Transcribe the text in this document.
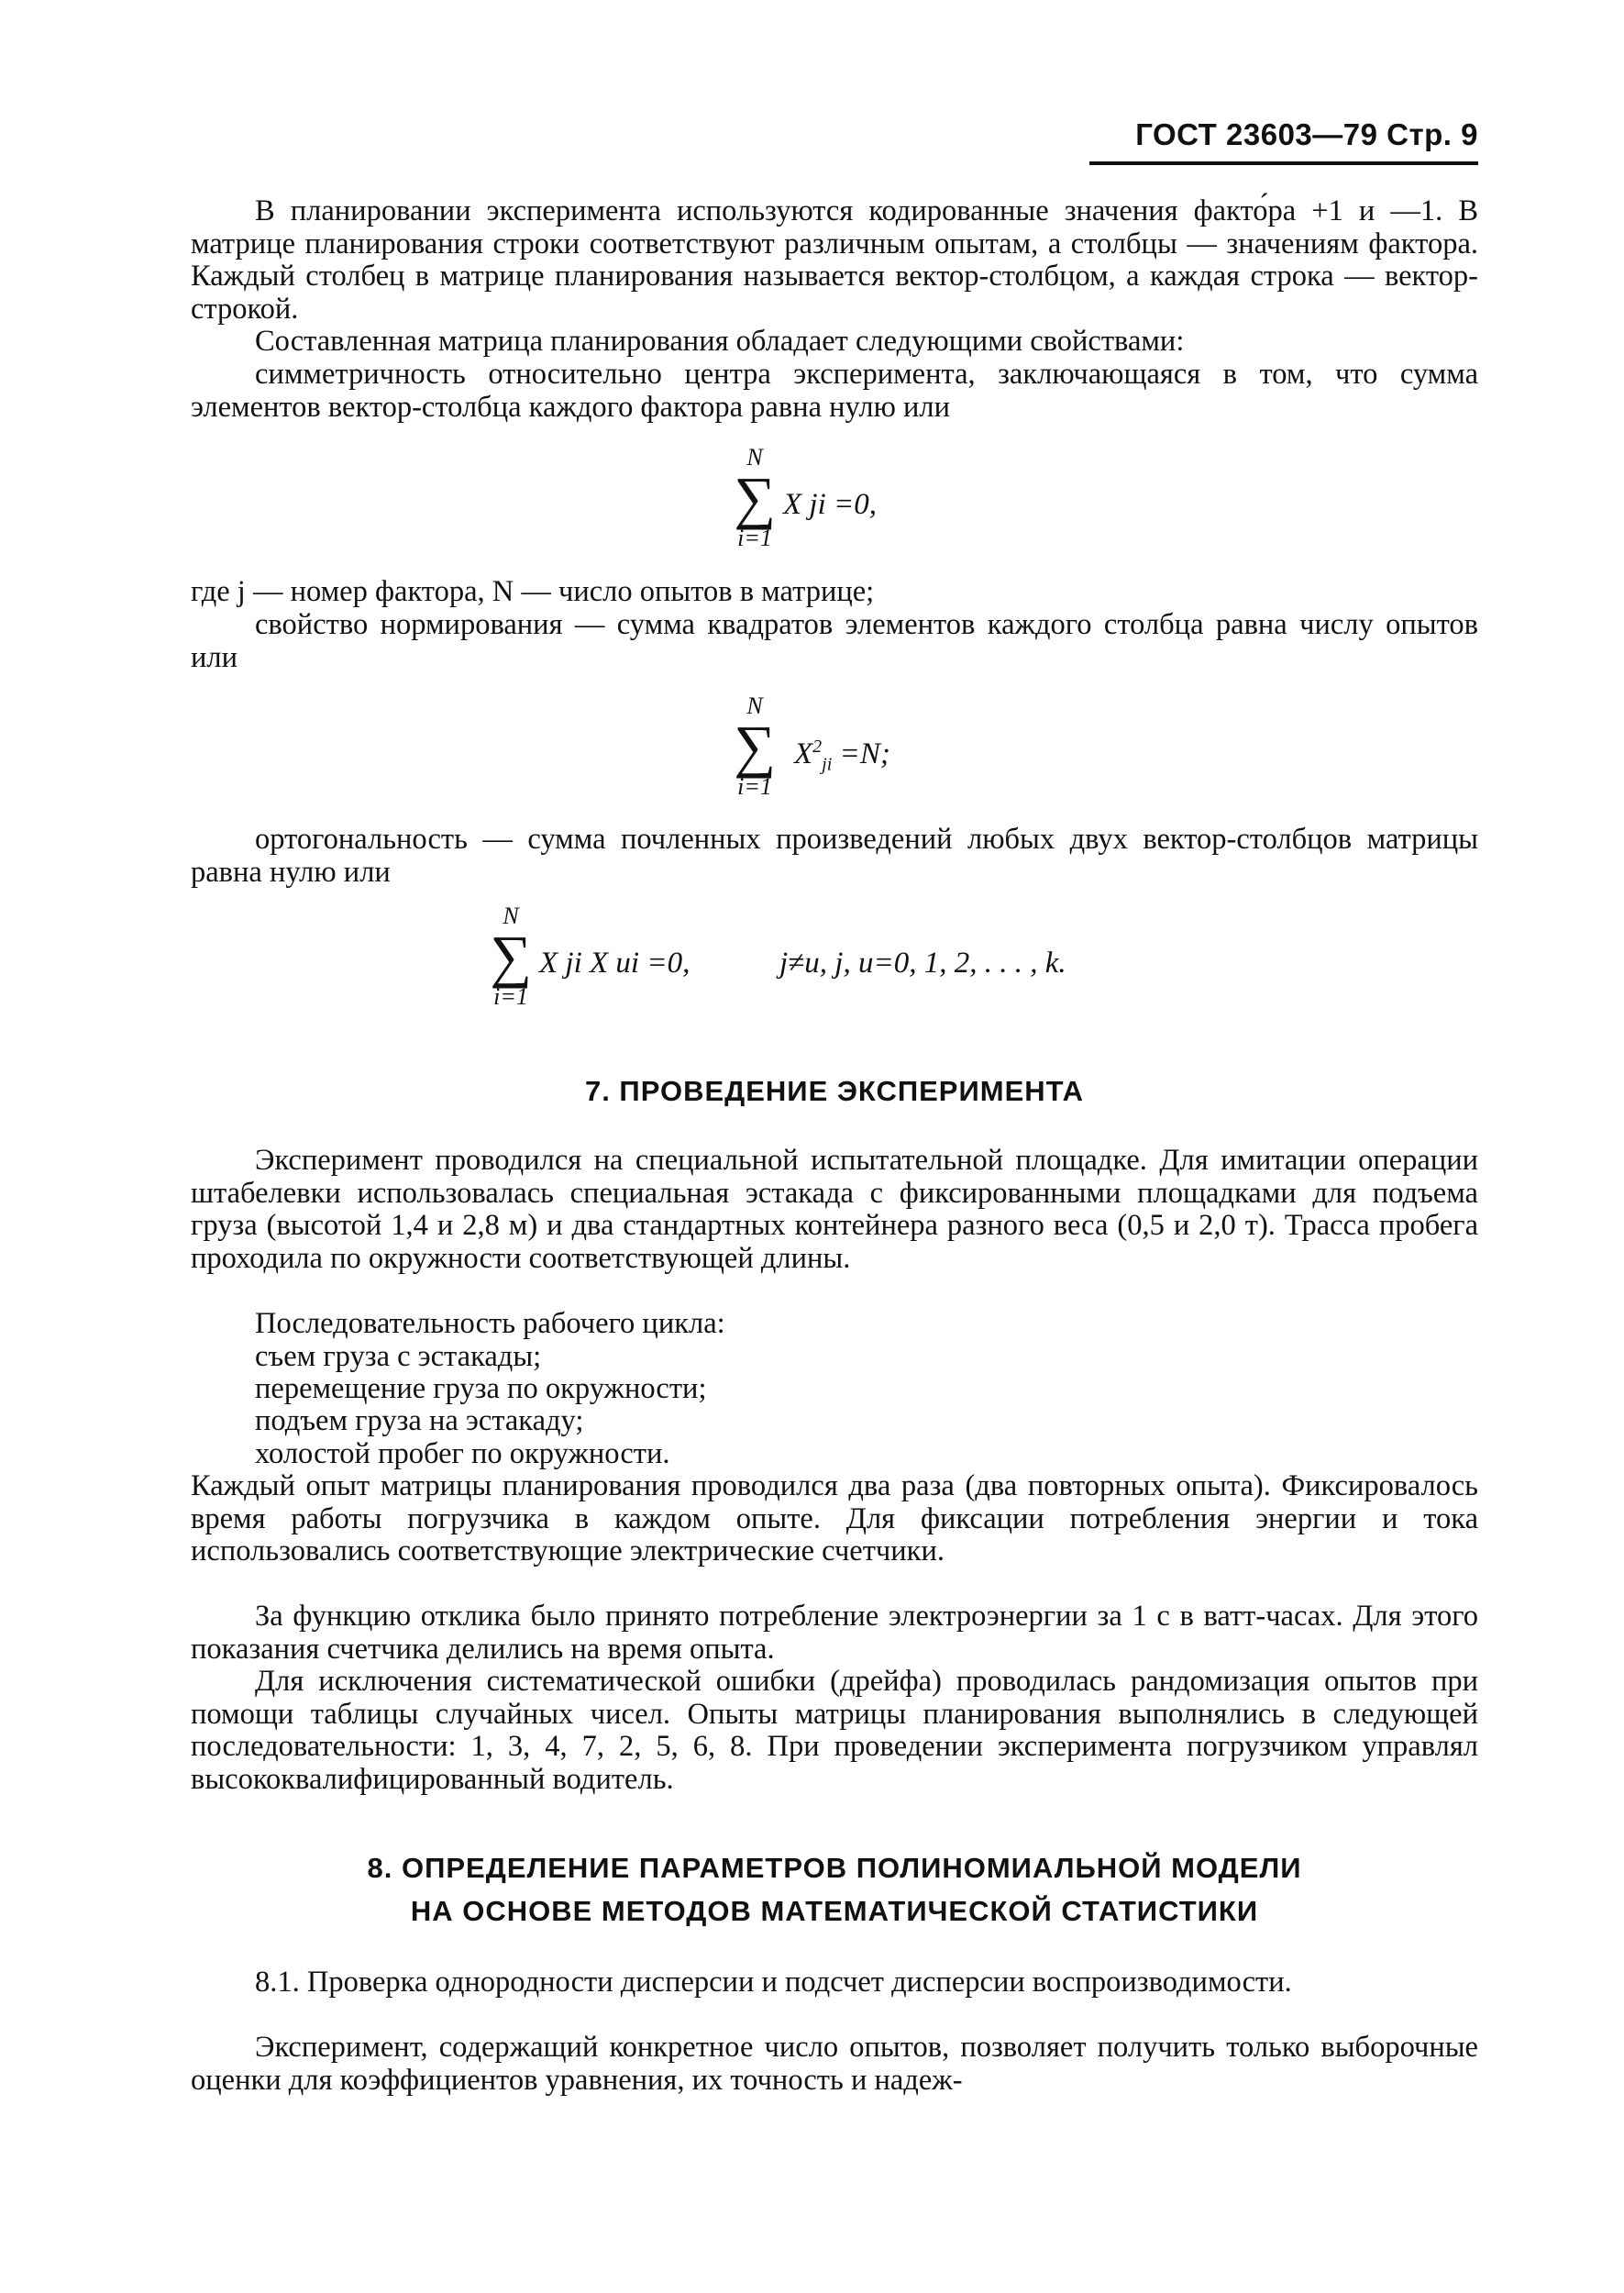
ГОСТ 23603—79 Стр. 9

В планировании эксперимента используются кодированные значения факто́ра +1 и —1. В матрице планирования строки соответствуют различным опытам, а столбцы — значениям фактора. Каждый столбец в матрице планирования называется вектор-столбцом, а каждая строка — вектор-строкой.

Составленная матрица планирования обладает следующими свойствами:

симметричность относительно центра эксперимента, заключающаяся в том, что сумма элементов вектор-столбца каждого фактора равна нулю или

N
∑
i=1
X ji =0,

где j — номер фактора, N — число опытов в матрице;

свойство нормирования — сумма квадратов элементов каждого столбца равна числу опытов или

N
∑
i=1
$X^2_{ji} =N$;

ортогональность — сумма почленных произведений любых двух вектор-столбцов матрицы равна нулю или

N
∑
i=1
X ji X ui =0,	j≠u, j, u=0, 1, 2, . . . , k.
7. ПРОВЕДЕНИЕ ЭКСПЕРИМЕНТА

Эксперимент проводился на специальной испытательной площадке. Для имитации операции штабелевки использовалась специальная эстакада с фиксированными площадками для подъема груза (высотой 1,4 и 2,8 м) и два стандартных контейнера разного веса (0,5 и 2,0 т). Трасса пробега проходила по окружности соответствующей длины.

Последовательность рабочего цикла:

съем груза с эстакады;

перемещение груза по окружности;

подъем груза на эстакаду;

холостой пробег по окружности.

Каждый опыт матрицы планирования проводился два раза (два повторных опыта). Фиксировалось время работы погрузчика в каждом опыте. Для фиксации потребления энергии и тока использовались соответствующие электрические счетчики.

За функцию отклика было принято потребление электроэнергии за 1 с в ватт-часах. Для этого показания счетчика делились на время опыта.

Для исключения систематической ошибки (дрейфа) проводилась рандомизация опытов при помощи таблицы случайных чисел. Опыты матрицы планирования выполнялись в следующей последовательности: 1, 3, 4, 7, 2, 5, 6, 8. При проведении эксперимента погрузчиком управлял высококвалифицированный водитель.

8. ОПРЕДЕЛЕНИЕ ПАРАМЕТРОВ ПОЛИНОМИАЛЬНОЙ МОДЕЛИ
НА ОСНОВЕ МЕТОДОВ МАТЕМАТИЧЕСКОЙ СТАТИСТИКИ

8.1. Проверка однородности дисперсии и подсчет дисперсии воспроизводимости.

Эксперимент, содержащий конкретное число опытов, позволяет получить только выборочные оценки для коэффициентов уравнения, их точность и надеж-
